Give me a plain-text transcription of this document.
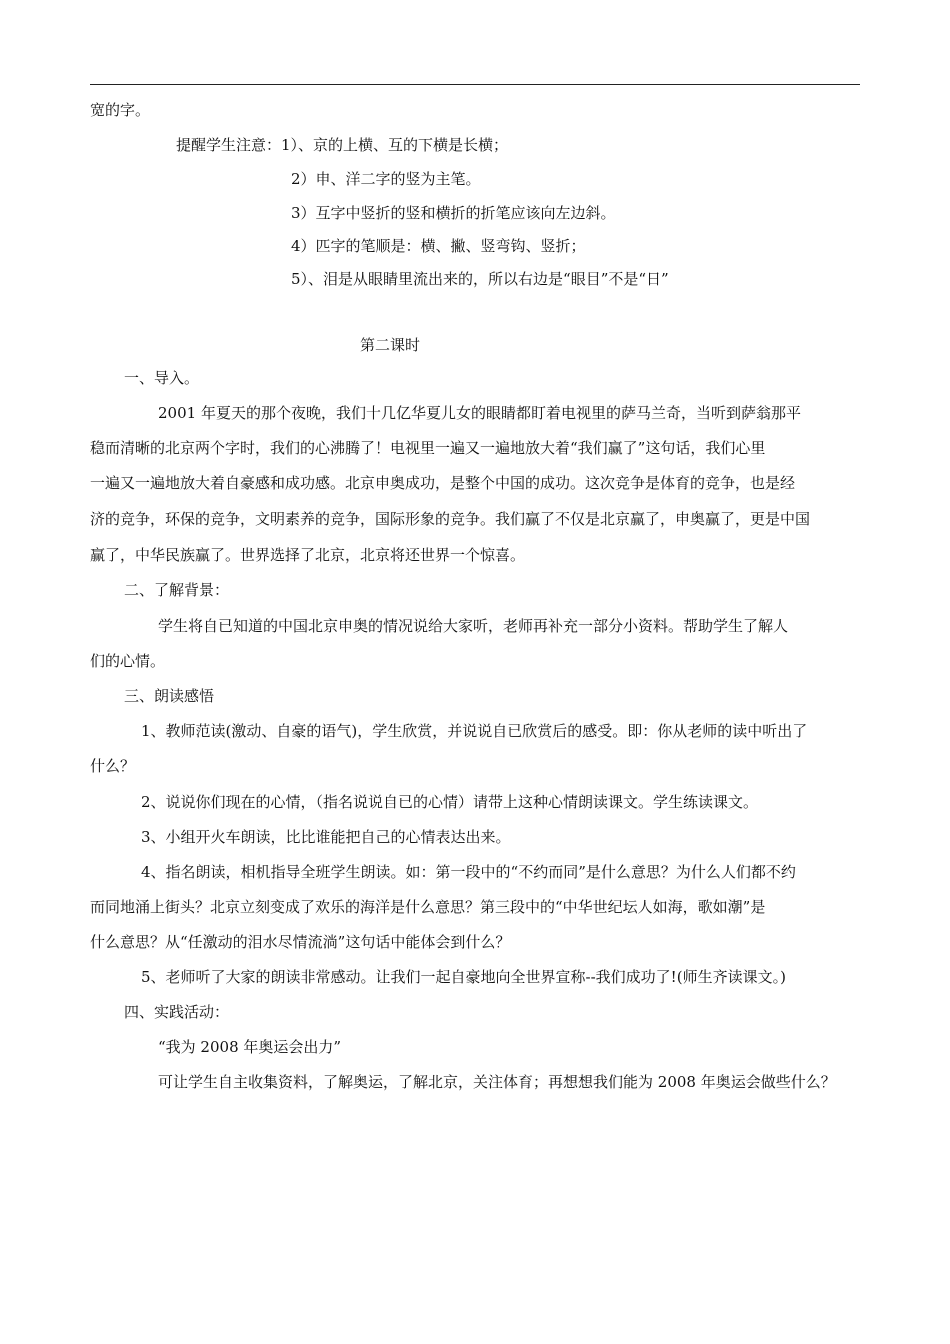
宽的字。
提醒学生注意：1）、京的上横、互的下横是长横；
2）申、洋二字的竖为主笔。
3）互字中竖折的竖和横折的折笔应该向左边斜。
4）匹字的笔顺是：横、撇、竖弯钩、竖折；
5）、泪是从眼睛里流出来的，所以右边是“眼目”不是“日”
第二课时
一、导入。
2001 年夏天的那个夜晚，我们十几亿华夏儿女的眼睛都盯着电视里的萨马兰奇，当听到萨翁那平
稳而清晰的北京两个字时，我们的心沸腾了！电视里一遍又一遍地放大着“我们赢了”这句话，我们心里
一遍又一遍地放大着自豪感和成功感。北京申奥成功，是整个中国的成功。这次竞争是体育的竞争，也是经
济的竞争，环保的竞争，文明素养的竞争，国际形象的竞争。我们赢了不仅是北京赢了，申奥赢了，更是中国
赢了，中华民族赢了。世界选择了北京，北京将还世界一个惊喜。
二、了解背景：
学生将自已知道的中国北京申奥的情况说给大家听，老师再补充一部分小资料。帮助学生了解人
们的心情。
三、朗读感悟
1、教师范读(激动、自豪的语气)，学生欣赏，并说说自已欣赏后的感受。即：你从老师的读中听出了
什么？
2、说说你们现在的心情，（指名说说自已的心情）请带上这种心情朗读课文。学生练读课文。
3、小组开火车朗读，比比谁能把自己的心情表达出来。
4、指名朗读，相机指导全班学生朗读。如：第一段中的“不约而同”是什么意思？为什么人们都不约
而同地涌上街头？北京立刻变成了欢乐的海洋是什么意思？第三段中的“中华世纪坛人如海，歌如潮”是
什么意思？从“任激动的泪水尽情流淌”这句话中能体会到什么？
5、老师听了大家的朗读非常感动。让我们一起自豪地向全世界宣称--我们成功了!(师生齐读课文。)
四、实践活动：
“我为 2008 年奥运会出力”
可让学生自主收集资料，了解奥运，了解北京，关注体育；再想想我们能为 2008 年奥运会做些什么？
